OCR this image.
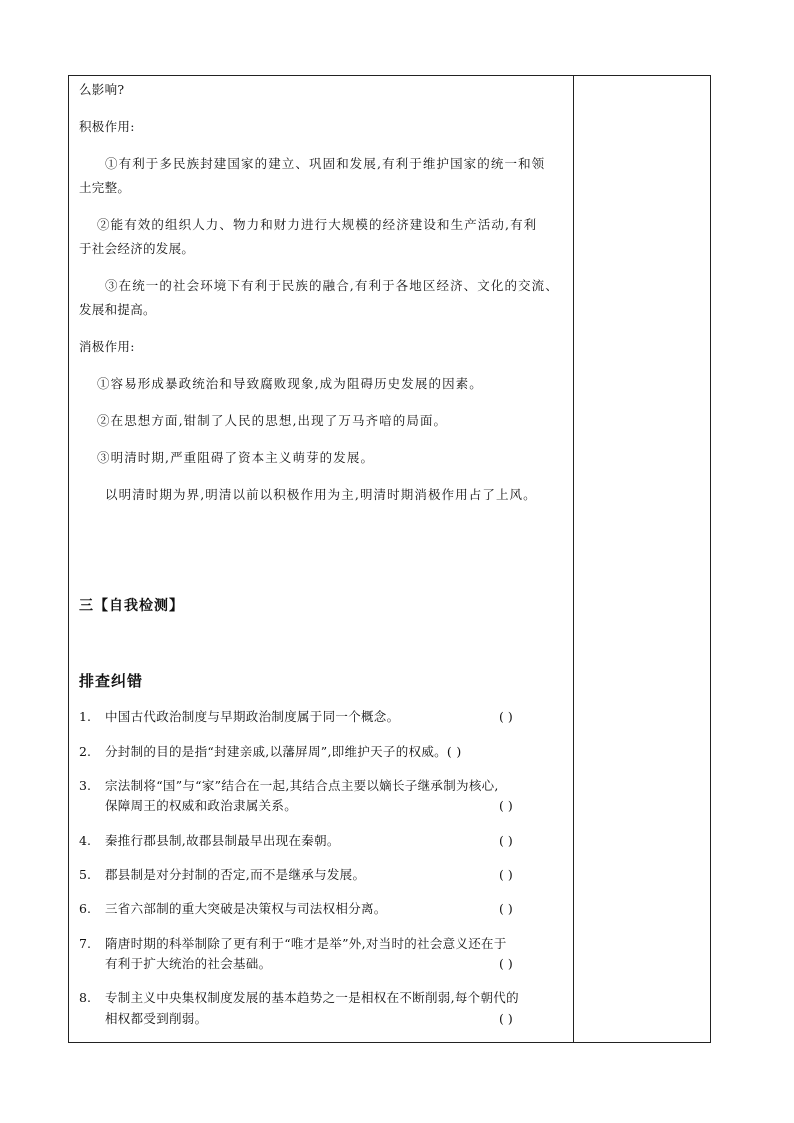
么影响?
积极作用:
①有利于多民族封建国家的建立、巩固和发展,有利于维护国家的统一和领
土完整。
②能有效的组织人力、物力和财力进行大规模的经济建设和生产活动,有利
于社会经济的发展。
③在统一的社会环境下有利于民族的融合,有利于各地区经济、文化的交流、
发展和提高。
消极作用:
①容易形成暴政统治和导致腐败现象,成为阻碍历史发展的因素。
②在思想方面,钳制了人民的思想,出现了万马齐喑的局面。
③明清时期,严重阻碍了资本主义萌芽的发展。
以明清时期为界,明清以前以积极作用为主,明清时期消极作用占了上风。
三【自我检测】
排查纠错
1. 中国古代政治制度与早期政治制度属于同一个概念。	( )
2. 分封制的目的是指“封建亲戚,以藩屏周”,即维护天子的权威。( )
3. 宗法制将“国”与“家”结合在一起,其结合点主要以嫡长子继承制为核心,
保障周王的权威和政治隶属关系。	( )
4. 秦推行郡县制,故郡县制最早出现在秦朝。	( )
5. 郡县制是对分封制的否定,而不是继承与发展。	( )
6. 三省六部制的重大突破是决策权与司法权相分离。	( )
7. 隋唐时期的科举制除了更有利于“唯才是举”外,对当时的社会意义还在于
有利于扩大统治的社会基础。	( )
8. 专制主义中央集权制度发展的基本趋势之一是相权在不断削弱,每个朝代的
相权都受到削弱。	( )
